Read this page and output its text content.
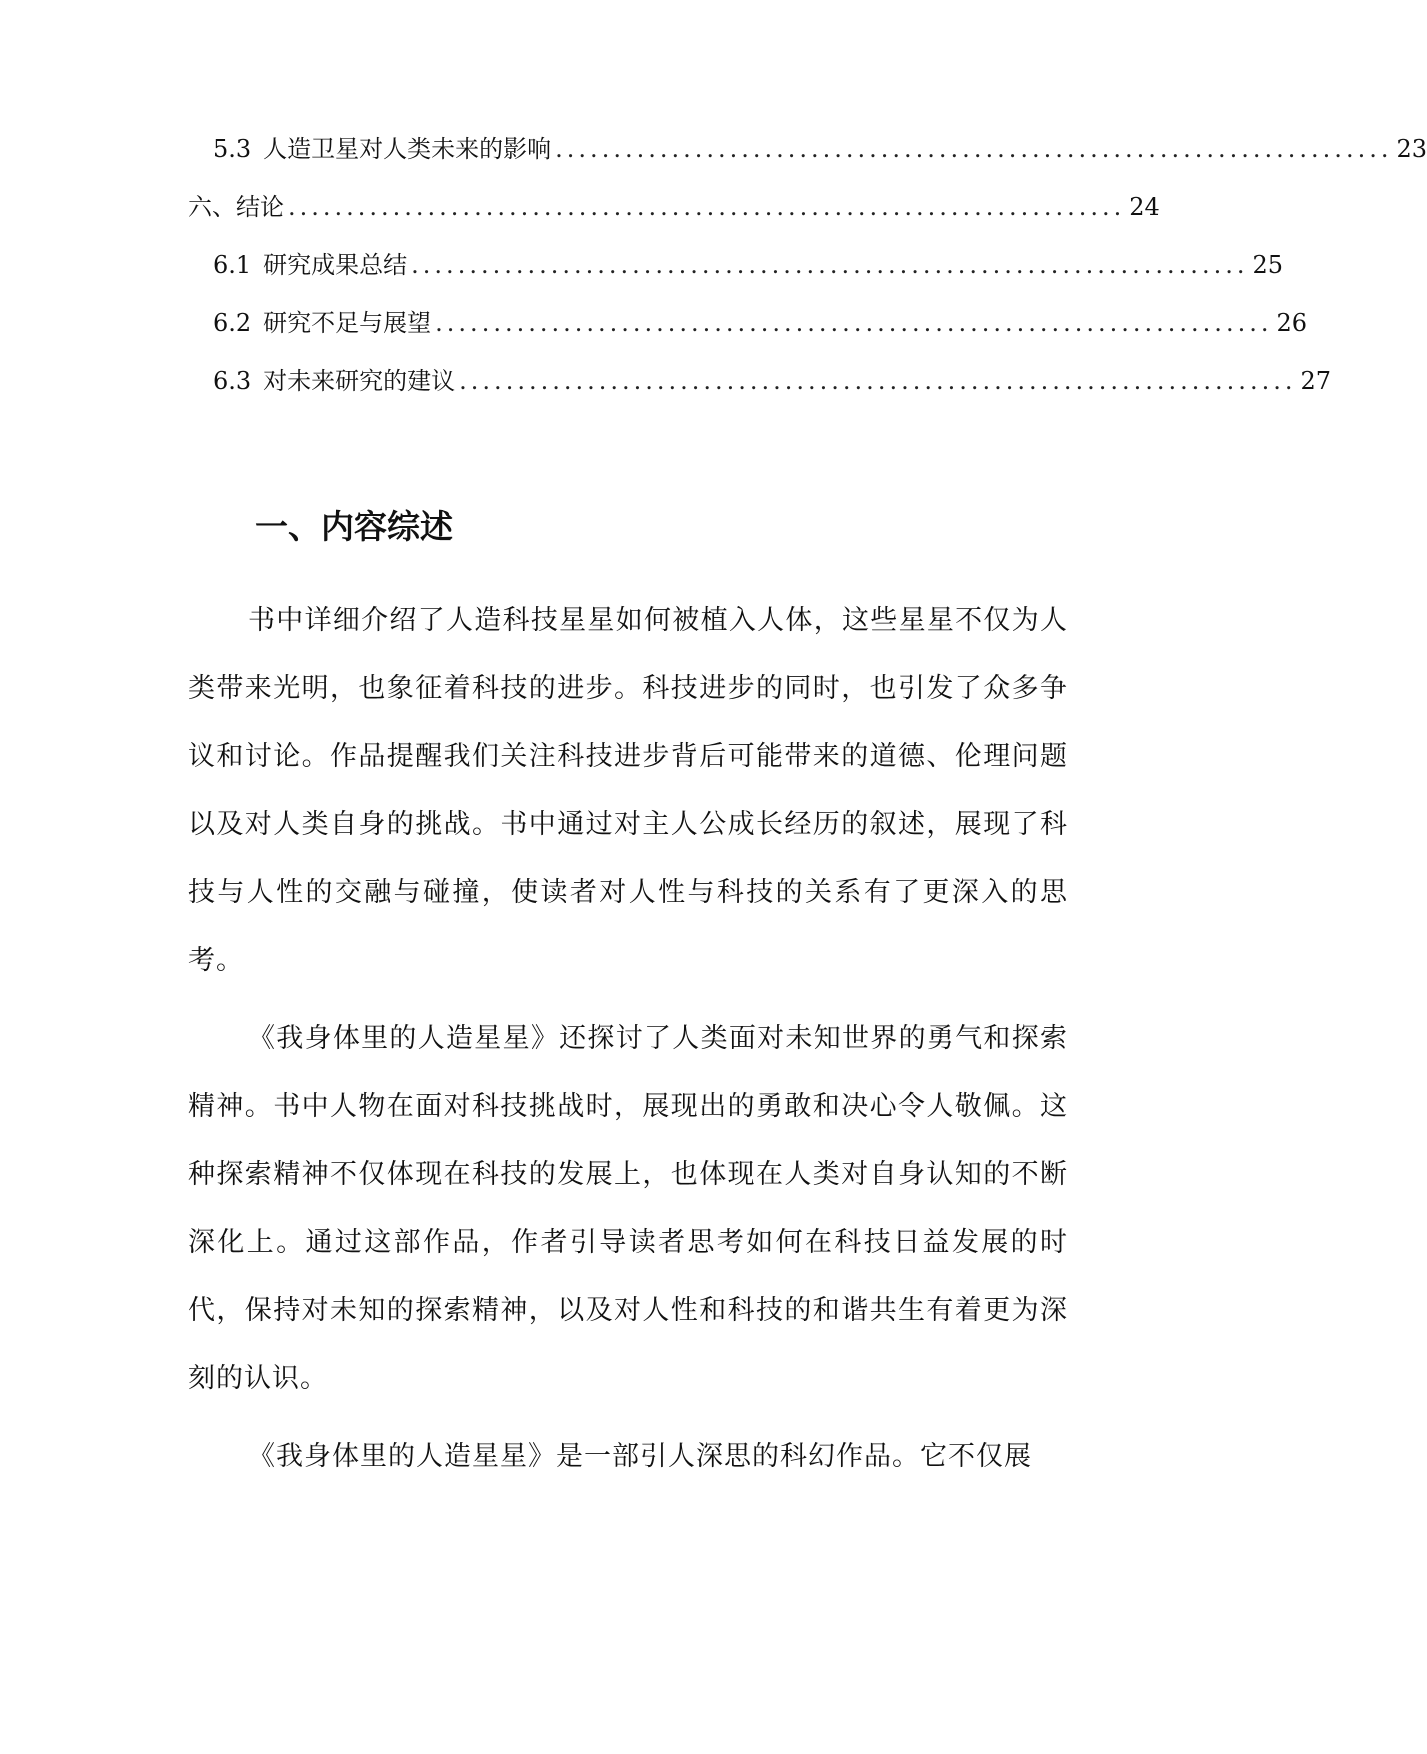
5.3 人造卫星对人类未来的影响 ........................................................................ 23
六、结论 ........................................................................ 24
6.1 研究成果总结 ........................................................................ 25
6.2 研究不足与展望 ........................................................................ 26
6.3 对未来研究的建议 ........................................................................ 27
一、内容综述

书中详细介绍了人造科技星星如何被植入人体，这些星星不仅为人类带来光明，也象征着科技的进步。科技进步的同时，也引发了众多争议和讨论。作品提醒我们关注科技进步背后可能带来的道德、伦理问题以及对人类自身的挑战。书中通过对主人公成长经历的叙述，展现了科技与人性的交融与碰撞，使读者对人性与科技的关系有了更深入的思考。

《我身体里的人造星星》还探讨了人类面对未知世界的勇气和探索精神。书中人物在面对科技挑战时，展现出的勇敢和决心令人敬佩。这种探索精神不仅体现在科技的发展上，也体现在人类对自身认知的不断深化上。通过这部作品，作者引导读者思考如何在科技日益发展的时代，保持对未知的探索精神，以及对人性和科技的和谐共生有着更为深刻的认识。

《我身体里的人造星星》是一部引人深思的科幻作品。它不仅展
